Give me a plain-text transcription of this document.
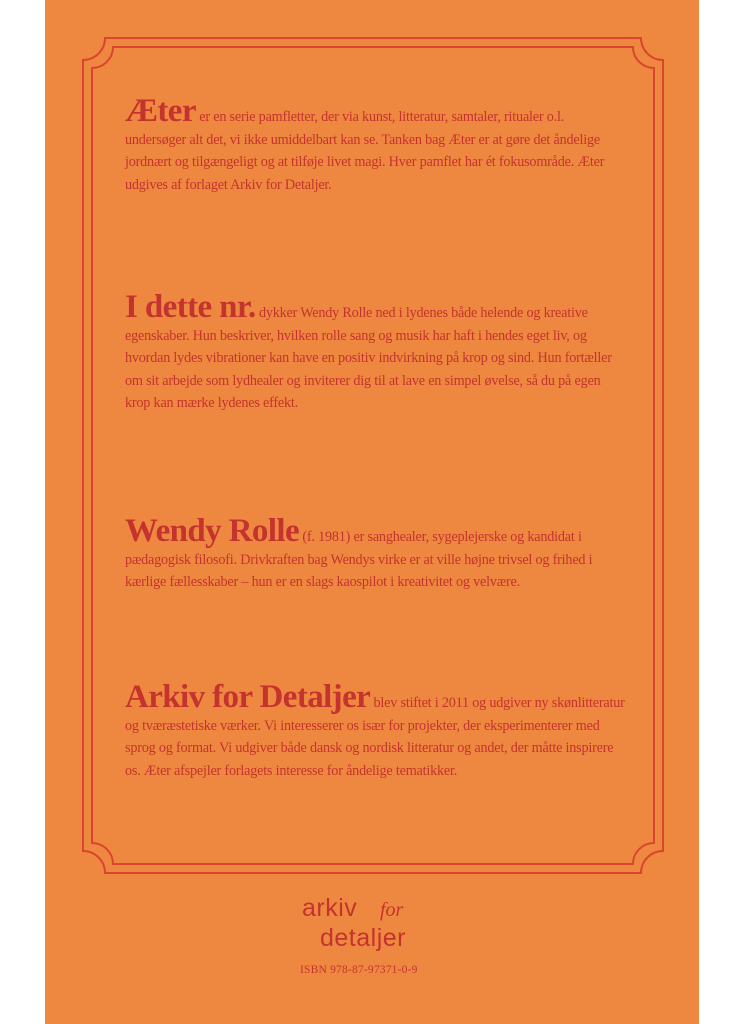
Æter er en serie pamfletter, der via kunst, litteratur, samtaler, ritualer o.l. undersøger alt det, vi ikke umiddelbart kan se. Tanken bag Æter er at gøre det åndelige jordnært og tilgængeligt og at tilføje livet magi. Hver pamflet har ét fokusområde. Æter udgives af forlaget Arkiv for Detaljer.
I dette nr. dykker Wendy Rolle ned i lydenes både helende og kreative egenskaber. Hun beskriver, hvilken rolle sang og musik har haft i hendes eget liv, og hvordan lydes vibrationer kan have en positiv indvirkning på krop og sind. Hun fortæller om sit arbejde som lydhealer og inviterer dig til at lave en simpel øvelse, så du på egen krop kan mærke lydenes effekt.
Wendy Rolle (f. 1981) er sanghealer, sygeplejerske og kandidat i pædagogisk filosofi. Drivkraften bag Wendys virke er at ville højne trivsel og frihed i kærlige fællesskaber – hun er en slags kaospilot i kreativitet og velvære.
Arkiv for Detaljer blev stiftet i 2011 og udgiver ny skønlitteratur og tværæstetiske værker. Vi interesserer os især for projekter, der eksperimenterer med sprog og format. Vi udgiver både dansk og nordisk litteratur og andet, der måtte inspirere os. Æter afspejler forlagets interesse for åndelige tematikker.
arkiv for
detaljer
ISBN 978-87-97371-0-9
